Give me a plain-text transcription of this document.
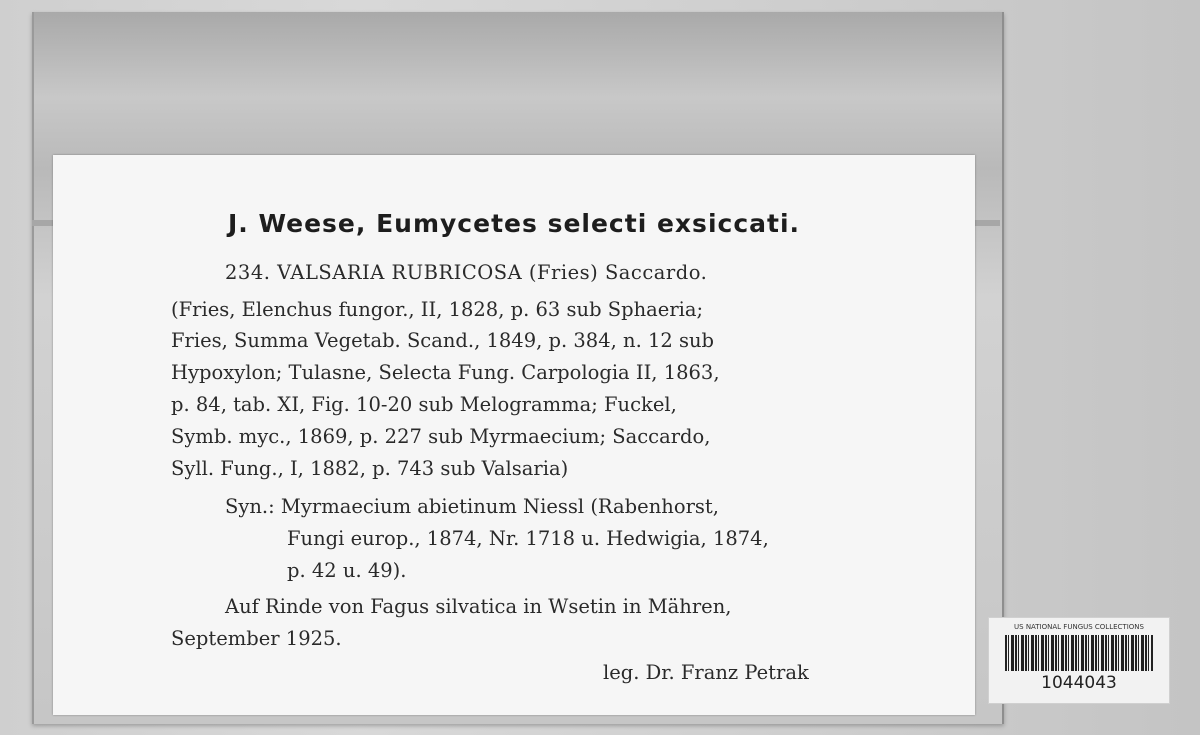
J. Weese, Eumycetes selecti exsiccati.
234. VALSARIA RUBRICOSA (Fries) Saccardo.
(Fries, Elenchus fungor., II, 1828, p. 63 sub Sphaeria;
Fries, Summa Vegetab. Scand., 1849, p. 384, n. 12 sub
Hypoxylon; Tulasne, Selecta Fung. Carpologia II, 1863,
p. 84, tab. XI, Fig. 10-20 sub Melogramma; Fuckel,
Symb. myc., 1869, p. 227 sub Myrmaecium; Saccardo,
Syll. Fung., I, 1882, p. 743 sub Valsaria)
Syn.: Myrmaecium abietinum Niessl (Rabenhorst,
Fungi europ., 1874, Nr. 1718 u. Hedwigia, 1874,
p. 42 u. 49).
Auf Rinde von Fagus silvatica in Wsetin in Mähren,
September 1925.
leg. Dr. Franz Petrak
US NATIONAL FUNGUS COLLECTIONS
1044043
